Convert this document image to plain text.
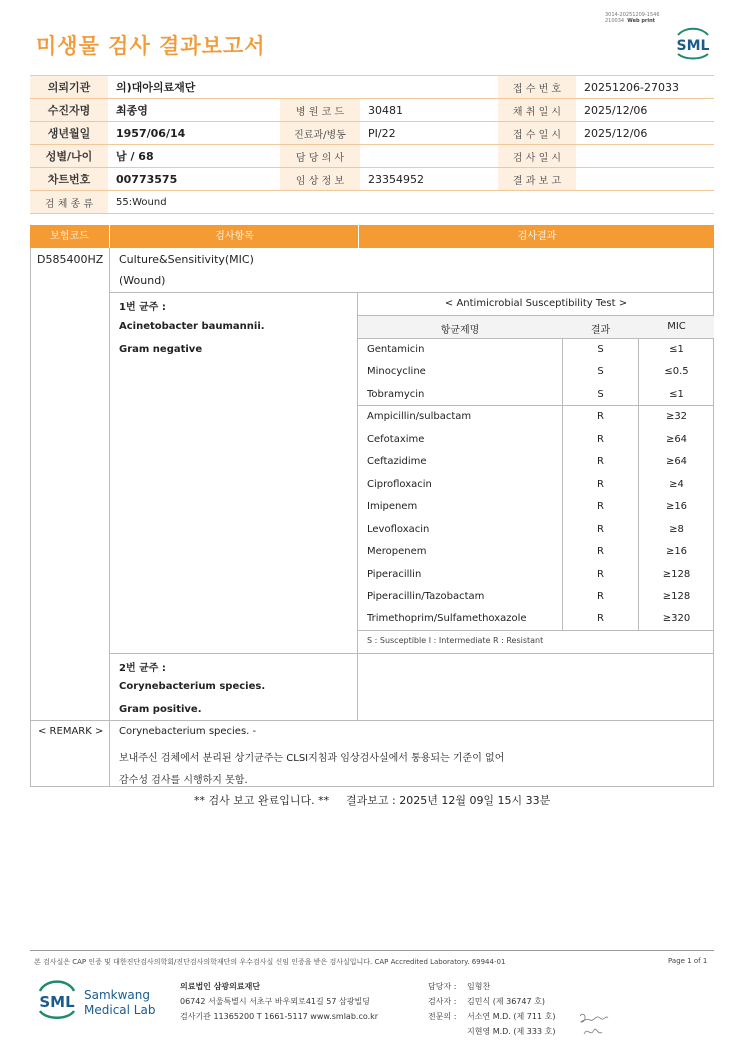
미생물 검사 결과보고서
3014-20251209-1546
210034 Web print
SML
의뢰기관	의)대아의료재단			접 수 번 호	20251206-27033
수진자명	최종영	병 원 코 드	30481	채 취 일 시	2025/12/06
생년월일	1957/06/14	진료과/병동	PI/22	접 수 일 시	2025/12/06
성별/나이	남 / 68	담 당 의 사		검 사 일 시	
차트번호	00773575	임 상 정 보	23354952	결 과 보 고	
검 체 종 류	55:Wound				
보험코드	검사항목	검사결과
D585400HZ Culture&Sensitivity(MIC)
(Wound)
1번 균주 :
Acinetobacter baumannii.
Gram negative
< Antimicrobial Susceptibility Test >
항균제명	결과	MIC
Gentamicin	S	≤1
Minocycline	S	≤0.5
Tobramycin	S	≤1
Ampicillin/sulbactam	R	≥32
Cefotaxime	R	≥64
Ceftazidime	R	≥64
Ciprofloxacin	R	≥4
Imipenem	R	≥16
Levofloxacin	R	≥8
Meropenem	R	≥16
Piperacillin	R	≥128
Piperacillin/Tazobactam	R	≥128
Trimethoprim/Sulfamethoxazole	R	≥320
S : Susceptible I : Intermediate R : Resistant
2번 균주 :
Corynebacterium species.
Gram positive.
< REMARK > Corynebacterium species. -
보내주신 검체에서 분리된 상기균주는 CLSI지침과 임상검사실에서 통용되는 기준이 없어
감수성 검사를 시행하지 못함.
** 검사 보고 완료입니다. ** 결과보고 : 2025년 12월 09일 15시 33분
본 검사실은 CAP 인증 및 대한진단검사의학회/진단검사의학재단의 우수검사실 신임 인증을 받은 검사실입니다. CAP Accredited Laboratory. 69944-01	Page 1 of 1
SML Samkwang
Medical Lab
의료법인 삼광의료재단
06742 서울특별시 서초구 바우뫼로41길 57 삼광빌딩
검사기관 11365200 T 1661-5117 www.smlab.co.kr
담당자 : 임형찬
검사자 : 김민식 (제 36747 호)
전문의 : 서소연 M.D. (제 711 호)
지현영 M.D. (제 333 호)
